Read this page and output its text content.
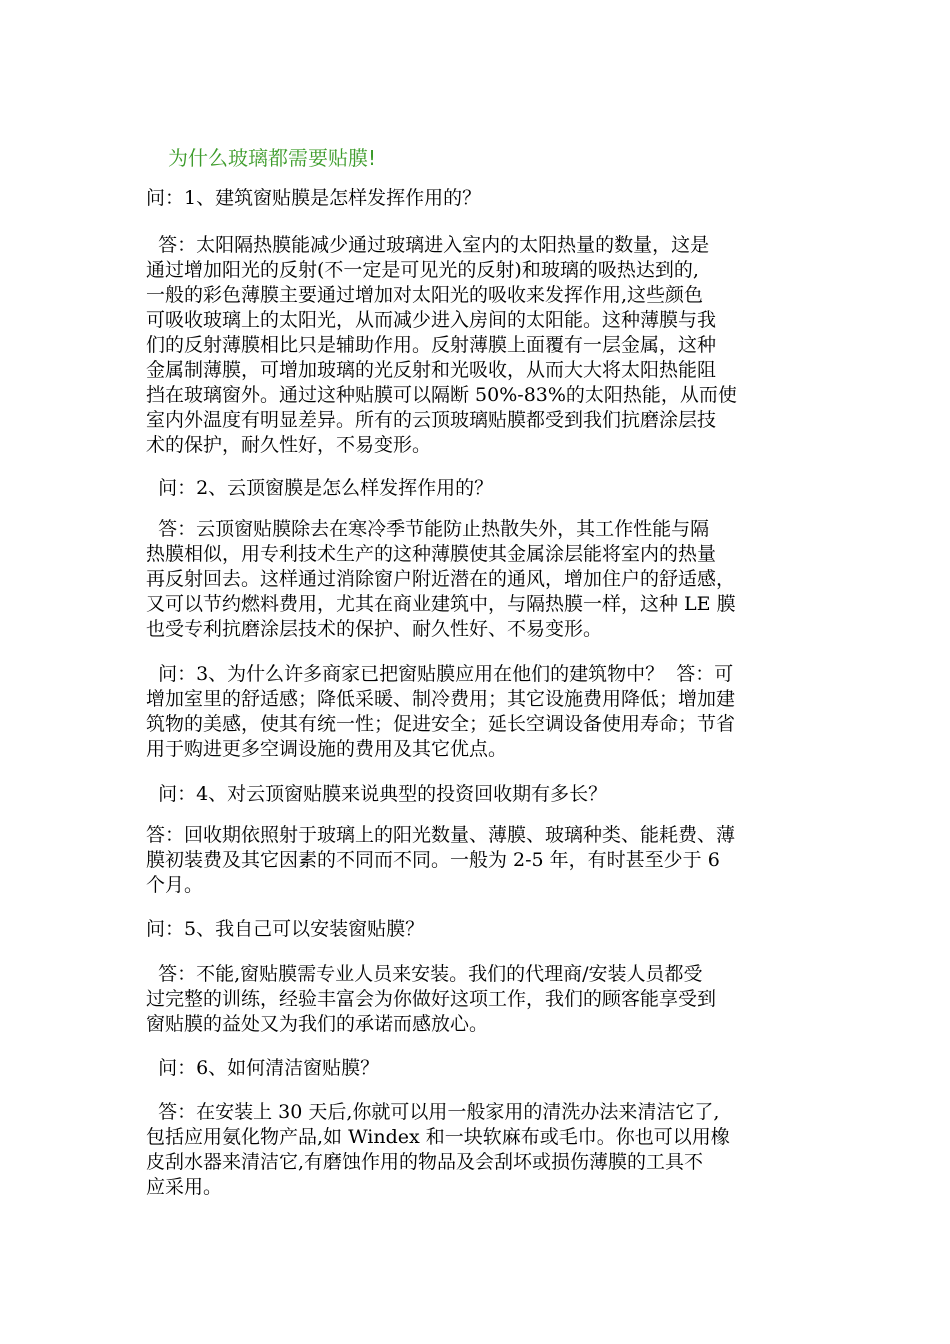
为什么玻璃都需要贴膜!
问：1、建筑窗贴膜是怎样发挥作用的？
答：太阳隔热膜能减少通过玻璃进入室内的太阳热量的数量，这是
通过增加阳光的反射(不一定是可见光的反射)和玻璃的吸热达到的,
一般的彩色薄膜主要通过增加对太阳光的吸收来发挥作用,这些颜色
可吸收玻璃上的太阳光，从而减少进入房间的太阳能。这种薄膜与我
们的反射薄膜相比只是辅助作用。反射薄膜上面覆有一层金属，这种
金属制薄膜，可增加玻璃的光反射和光吸收，从而大大将太阳热能阻
挡在玻璃窗外。通过这种贴膜可以隔断 50%-83%的太阳热能，从而使
室内外温度有明显差异。所有的云顶玻璃贴膜都受到我们抗磨涂层技
术的保护，耐久性好，不易变形。
问：2、云顶窗膜是怎么样发挥作用的？
答：云顶窗贴膜除去在寒冷季节能防止热散失外，其工作性能与隔
热膜相似，用专利技术生产的这种薄膜使其金属涂层能将室内的热量
再反射回去。这样通过消除窗户附近潜在的通风，增加住户的舒适感，
又可以节约燃料费用，尤其在商业建筑中，与隔热膜一样，这种 LE 膜
也受专利抗磨涂层技术的保护、耐久性好、不易变形。
问：3、为什么许多商家已把窗贴膜应用在他们的建筑物中？  答：可
增加室里的舒适感；降低采暖、制冷费用；其它设施费用降低；增加建
筑物的美感，使其有统一性；促进安全；延长空调设备使用寿命；节省
用于购进更多空调设施的费用及其它优点。
问：4、对云顶窗贴膜来说典型的投资回收期有多长？
答：回收期依照射于玻璃上的阳光数量、薄膜、玻璃种类、能耗费、薄
膜初装费及其它因素的不同而不同。一般为 2-5 年，有时甚至少于 6
个月。
问：5、我自己可以安装窗贴膜？
答：不能,窗贴膜需专业人员来安装。我们的代理商/安装人员都受
过完整的训练，经验丰富会为你做好这项工作，我们的顾客能享受到
窗贴膜的益处又为我们的承诺而感放心。
问：6、如何清洁窗贴膜？
答：在安装上 30 天后,你就可以用一般家用的清洗办法来清洁它了,
包括应用氨化物产品,如 Windex 和一块软麻布或毛巾。你也可以用橡
皮刮水器来清洁它,有磨蚀作用的物品及会刮坏或损伤薄膜的工具不
应采用。
